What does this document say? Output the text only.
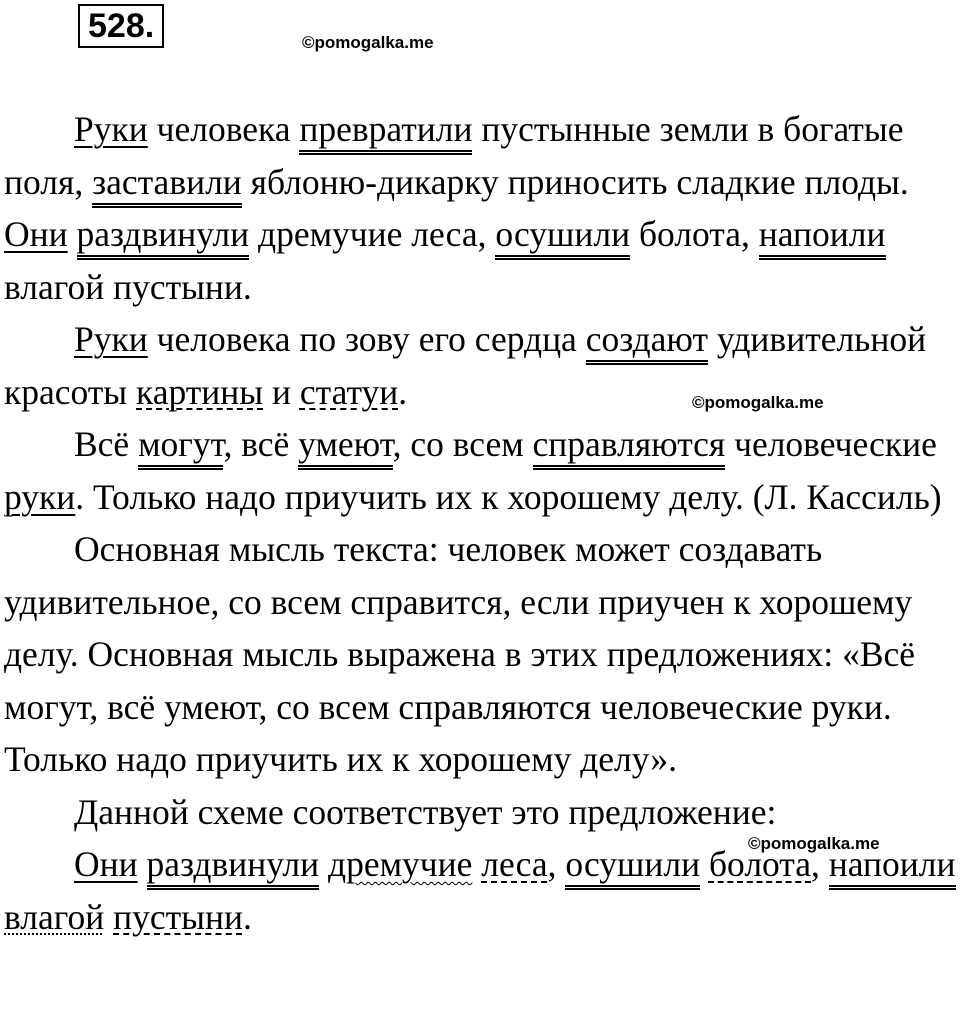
528.	©pomogalka.me
©pomogalka.me
©pomogalka.me

Руки человека превратили пустынные земли в богатые поля, заставили яблоню-дикарку приносить сладкие плоды. Они раздвинули дремучие леса, осушили болота, напоили влагой пустыни.

Руки человека по зову его сердца создают удивительной красоты картины и статуи.

Всё могут, всё умеют, со всем справляются человеческие руки. Только надо приучить их к хорошему делу. (Л. Кассиль)

Основная мысль текста: человек может создавать удивительное, со всем справится, если приучен к хорошему делу. Основная мысль выражена в этих предложениях: «Всё могут, всё умеют, со всем справляются человеческие руки. Только надо приучить их к хорошему делу».

Данной схеме соответствует это предложение:

Они раздвинули дремучие леса, осушили болота, напоили влагой пустыни.
